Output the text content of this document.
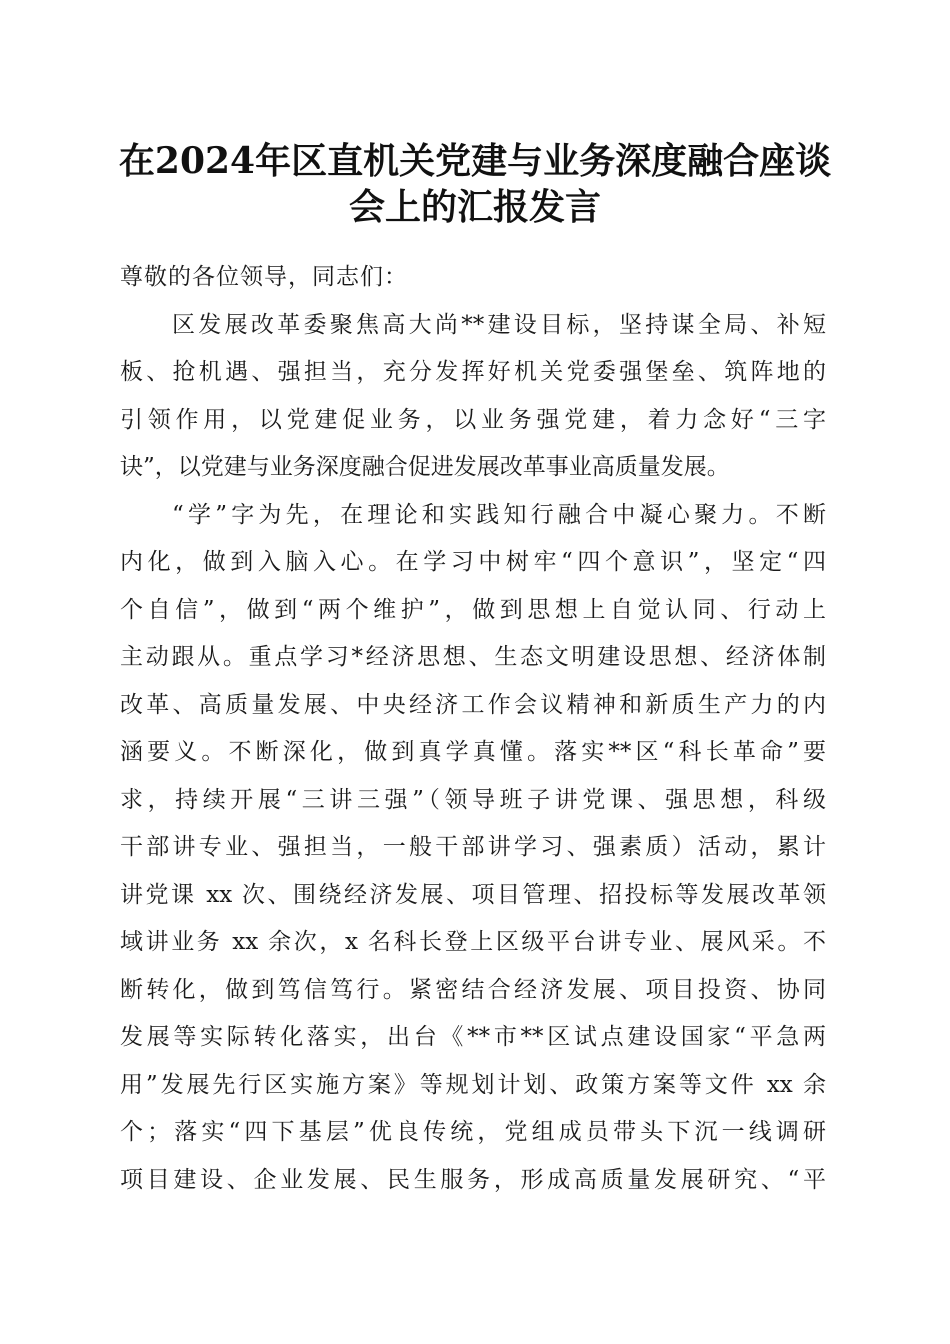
在2024年区直机关党建与业务深度融合座谈
会上的汇报发言
尊敬的各位领导，同志们：
区发展改革委聚焦高大尚**建设目标，坚持谋全局、补短
板、抢机遇、强担当，充分发挥好机关党委强堡垒、筑阵地的
引领作用，以党建促业务，以业务强党建，着力念好“三字
诀”，以党建与业务深度融合促进发展改革事业高质量发展。
“学”字为先，在理论和实践知行融合中凝心聚力。不断
内化，做到入脑入心。在学习中树牢“四个意识”，坚定“四
个自信”，做到“两个维护”，做到思想上自觉认同、行动上
主动跟从。重点学习*经济思想、生态文明建设思想、经济体制
改革、高质量发展、中央经济工作会议精神和新质生产力的内
涵要义。不断深化，做到真学真懂。落实**区“科长革命”要
求，持续开展“三讲三强”（领导班子讲党课、强思想，科级
干部讲专业、强担当，一般干部讲学习、强素质）活动，累计
讲党课 xx 次、围绕经济发展、项目管理、招投标等发展改革领
域讲业务 xx 余次，x 名科长登上区级平台讲专业、展风采。不
断转化，做到笃信笃行。紧密结合经济发展、项目投资、协同
发展等实际转化落实，出台《**市**区试点建设国家“平急两
用”发展先行区实施方案》等规划计划、政策方案等文件 xx 余
个；落实“四下基层”优良传统，党组成员带头下沉一线调研
项目建设、企业发展、民生服务，形成高质量发展研究、“平
